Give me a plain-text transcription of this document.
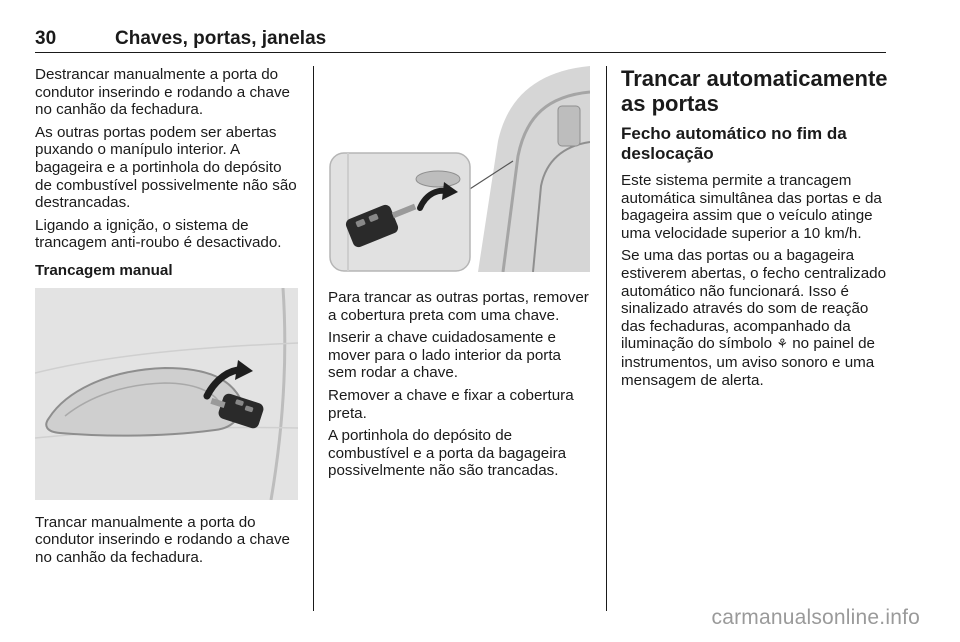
30	Chaves, portas, janelas

Destrancar manualmente a porta do condutor inserindo e rodando a chave no canhão da fechadura.

As outras portas podem ser abertas puxando o manípulo interior. A bagageira e a portinhola do depósito de combustível possivelmente não são destrancadas.

Ligando a ignição, o sistema de trancagem anti-roubo é desactivado.

Trancagem manual

Trancar manualmente a porta do condutor inserindo e rodando a chave no canhão da fechadura.

Para trancar as outras portas, remover a cobertura preta com uma chave.

Inserir a chave cuidadosamente e mover para o lado interior da porta sem rodar a chave.

Remover a chave e fixar a cobertura preta.

A portinhola do depósito de combustível e a porta da bagageira possivelmente não são trancadas.

Trancar automaticamente as portas
Fecho automático no fim da deslocação

Este sistema permite a trancagem automática simultânea das portas e da bagageira assim que o veículo atinge uma velocidade superior a 10 km/h.

Se uma das portas ou a bagageira estiverem abertas, o fecho centralizado automático não funcionará. Isso é sinalizado através do som de reação das fechaduras, acompanhado da iluminação do símbolo ⚘ no painel de instrumentos, um aviso sonoro e uma mensagem de alerta.

carmanualsonline.info
